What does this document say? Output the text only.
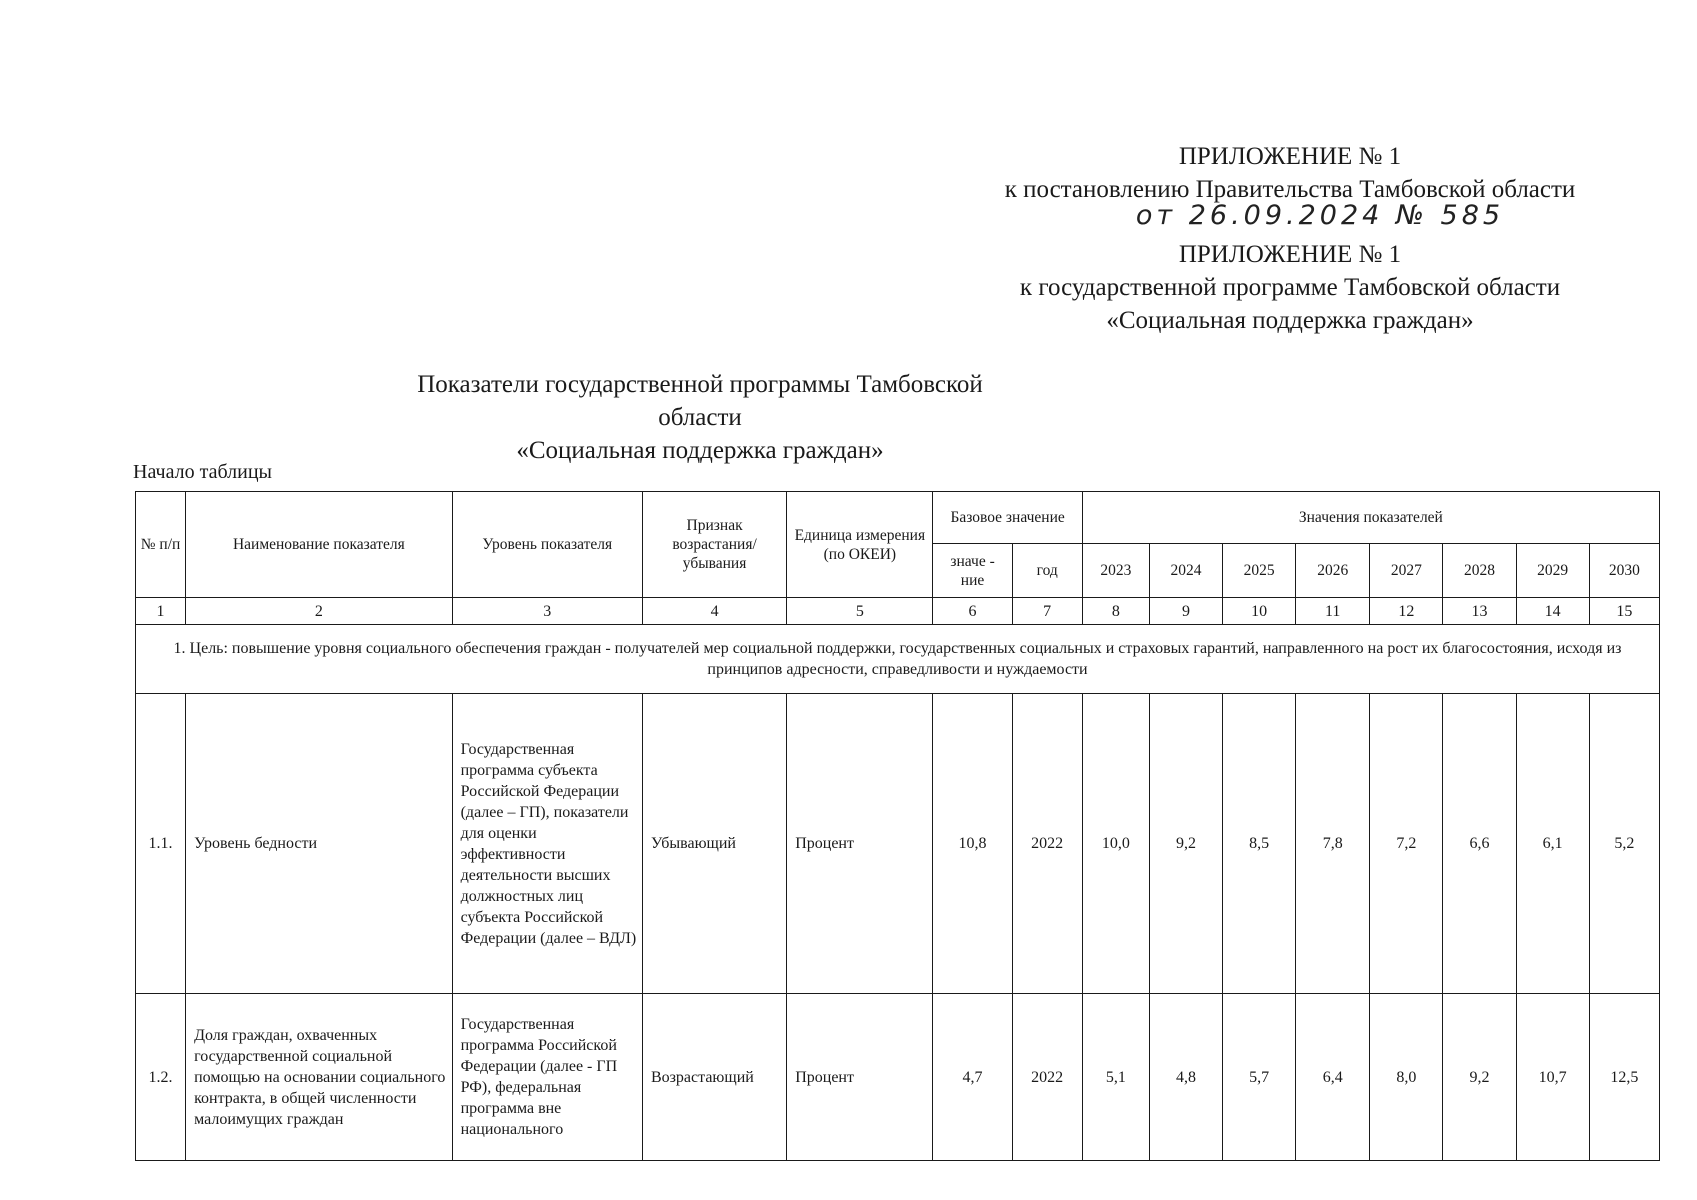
ПРИЛОЖЕНИЕ № 1
к постановлению Правительства Тамбовской области
от 26.09.2024 № 585
ПРИЛОЖЕНИЕ № 1
к государственной программе Тамбовской области
«Социальная поддержка граждан»
Показатели государственной программы Тамбовской области
«Социальная поддержка граждан»
Начало таблицы
№ п/п	Наименование показателя	Уровень показателя	Признак возрастания/ убывания	Единица измерения (по ОКЕИ)	Базовое значение		Значения показателей							
					значе - ние	год	2023	2024	2025	2026	2027	2028	2029	2030
1	2	3	4	5	6	7	8	9	10	11	12	13	14	15
1. Цель: повышение уровня социального обеспечения граждан - получателей мер социальной поддержки, государственных социальных и страховых гарантий, направленного на рост их благосостояния, исходя из принципов адресности, справедливости и нуждаемости														
1.1.	Уровень бедности	Государственная программа субъекта Российской Федерации (далее – ГП), показатели для оценки эффективности деятельности высших должностных лиц субъекта Российской Федерации (далее – ВДЛ)	Убывающий	Процент	10,8	2022	10,0	9,2	8,5	7,8	7,2	6,6	6,1	5,2
1.2.	Доля граждан, охваченных государственной социальной помощью на основании социального контракта, в общей численности малоимущих граждан	Государственная программа Российской Федерации (далее - ГП РФ), федеральная программа вне национального	Возрастающий	Процент	4,7	2022	5,1	4,8	5,7	6,4	8,0	9,2	10,7	12,5
